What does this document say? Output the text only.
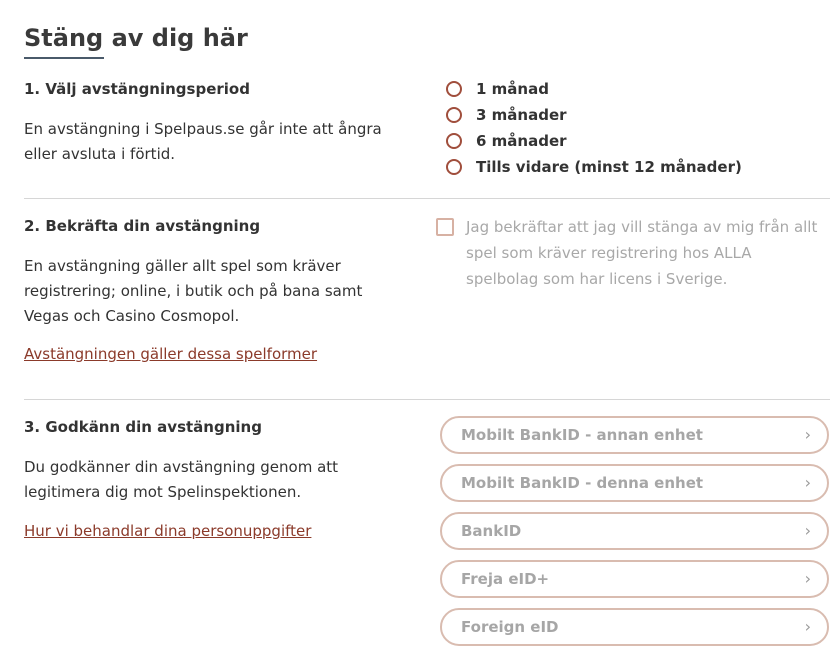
Stäng av dig här
1. Välj avstängningsperiod
En avstängning i Spelpaus.se går inte att ångra eller avsluta i förtid.
1 månad
3 månader
6 månader
Tills vidare (minst 12 månader)
2. Bekräfta din avstängning
En avstängning gäller allt spel som kräver registrering; online, i butik och på bana samt Vegas och Casino Cosmopol.
Avstängningen gäller dessa spelformer
Jag bekräftar att jag vill stänga av mig från allt spel som kräver registrering hos ALLA spelbolag som har licens i Sverige.
3. Godkänn din avstängning
Du godkänner din avstängning genom att legitimera dig mot Spelinspektionen.
Hur vi behandlar dina personuppgifter
Mobilt BankID - annan enhet	›
Mobilt BankID - denna enhet	›
BankID	›
Freja eID+	›
Foreign eID	›
